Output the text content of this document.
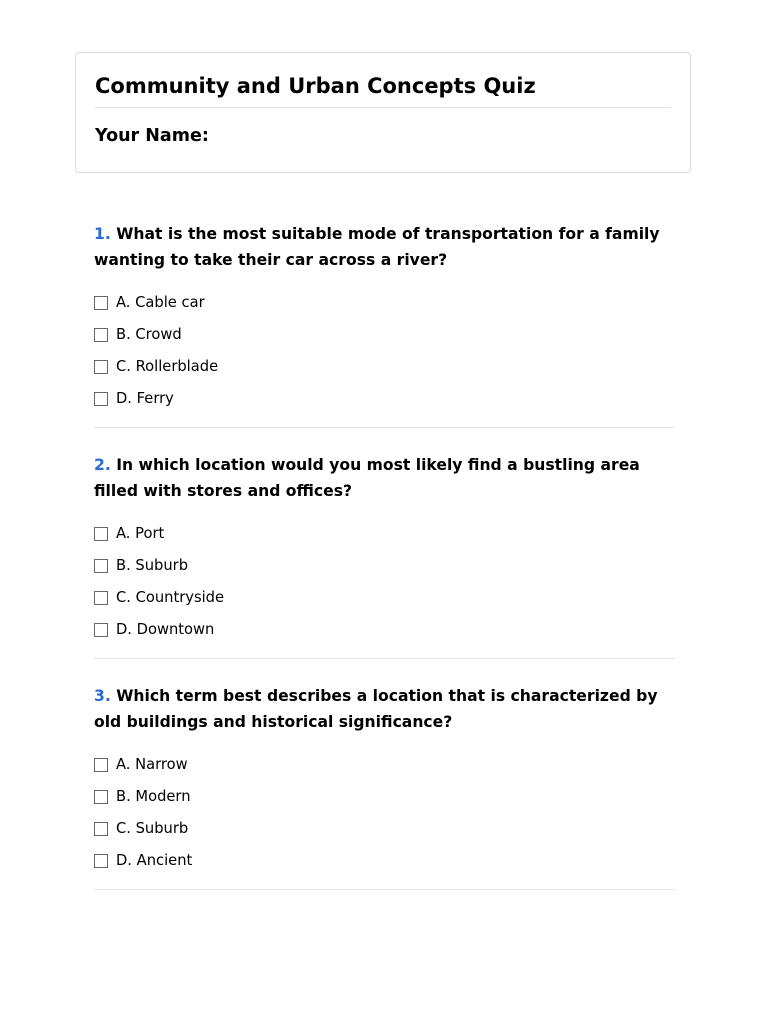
Community and Urban Concepts Quiz
Your Name:

1. What is the most suitable mode of transportation for a family wanting to take their car across a river?

A. Cable car
B. Crowd
C. Rollerblade
D. Ferry

2. In which location would you most likely find a bustling area filled with stores and offices?

A. Port
B. Suburb
C. Countryside
D. Downtown

3. Which term best describes a location that is characterized by old buildings and historical significance?

A. Narrow
B. Modern
C. Suburb
D. Ancient
